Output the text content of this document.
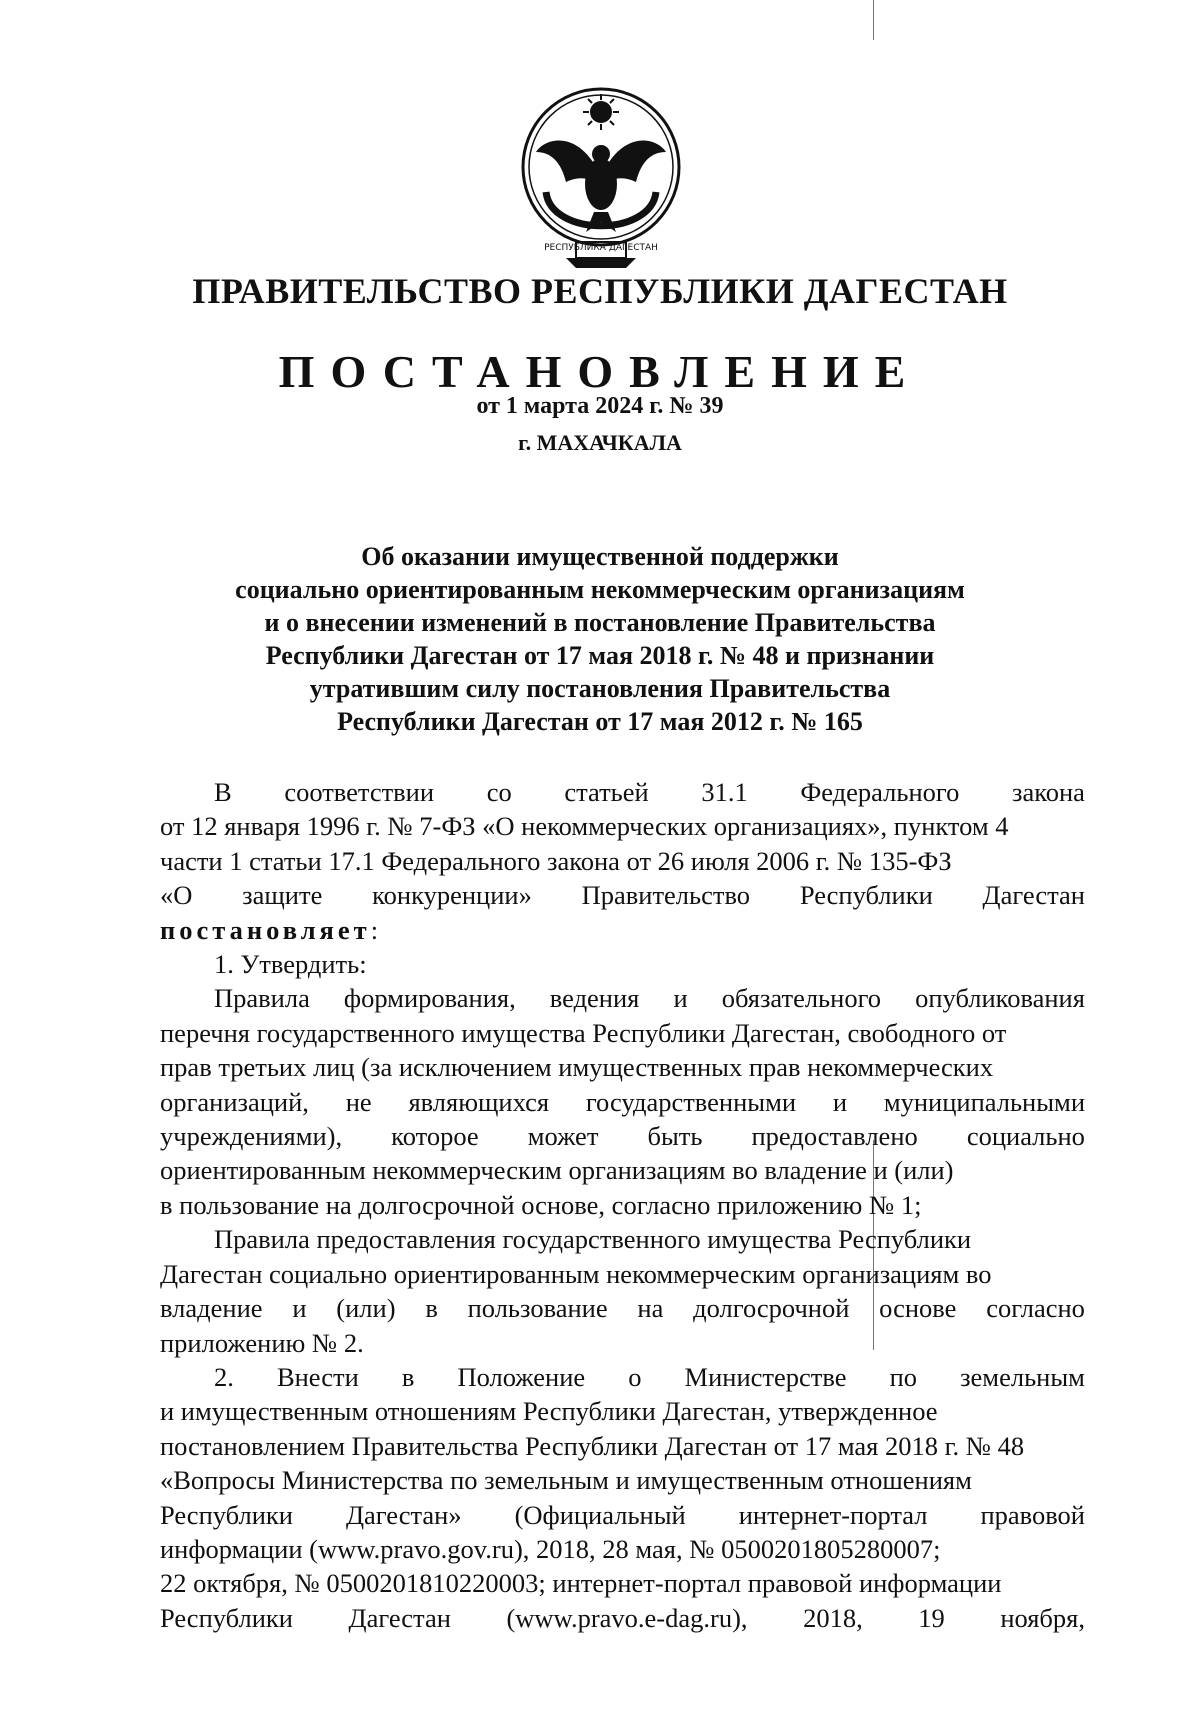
РЕСПУБЛИКА ДАГЕСТАН
ПРАВИТЕЛЬСТВО РЕСПУБЛИКИ ДАГЕСТАН
ПОСТАНОВЛЕНИЕ
от 1 марта 2024 г. № 39
г. МАХАЧКАЛА
Об оказании имущественной поддержки
социально ориентированным некоммерческим организациям
и о внесении изменений в постановление Правительства
Республики Дагестан от 17 мая 2018 г. № 48 и признании
утратившим силу постановления Правительства
Республики Дагестан от 17 мая 2012 г. № 165
В соответствии со статьей 31.1 Федерального закона
от 12 января 1996 г. № 7-ФЗ «О некоммерческих организациях», пунктом 4
части 1 статьи 17.1 Федерального закона от 26 июля 2006 г. № 135-ФЗ
«О защите конкуренции» Правительство Республики Дагестан
постановляет :
1. Утвердить:
Правила формирования, ведения и обязательного опубликования
перечня государственного имущества Республики Дагестан, свободного от
прав третьих лиц (за исключением имущественных прав некоммерческих
организаций, не являющихся государственными и муниципальными
учреждениями), которое может быть предоставлено социально
ориентированным некоммерческим организациям во владение и (или)
в пользование на долгосрочной основе, согласно приложению № 1;
Правила предоставления государственного имущества Республики
Дагестан социально ориентированным некоммерческим организациям во
владение и (или) в пользование на долгосрочной основе согласно
приложению № 2.
2. Внести в Положение о Министерстве по земельным
и имущественным отношениям Республики Дагестан, утвержденное
постановлением Правительства Республики Дагестан от 17 мая 2018 г. № 48
«Вопросы Министерства по земельным и имущественным отношениям
Республики Дагестан» (Официальный интернет-портал правовой
информации (www.pravo.gov.ru), 2018, 28 мая, № 0500201805280007;
22 октября, № 0500201810220003; интернет-портал правовой информации
Республики Дагестан (www.pravo.e-dag.ru), 2018, 19 ноября,
